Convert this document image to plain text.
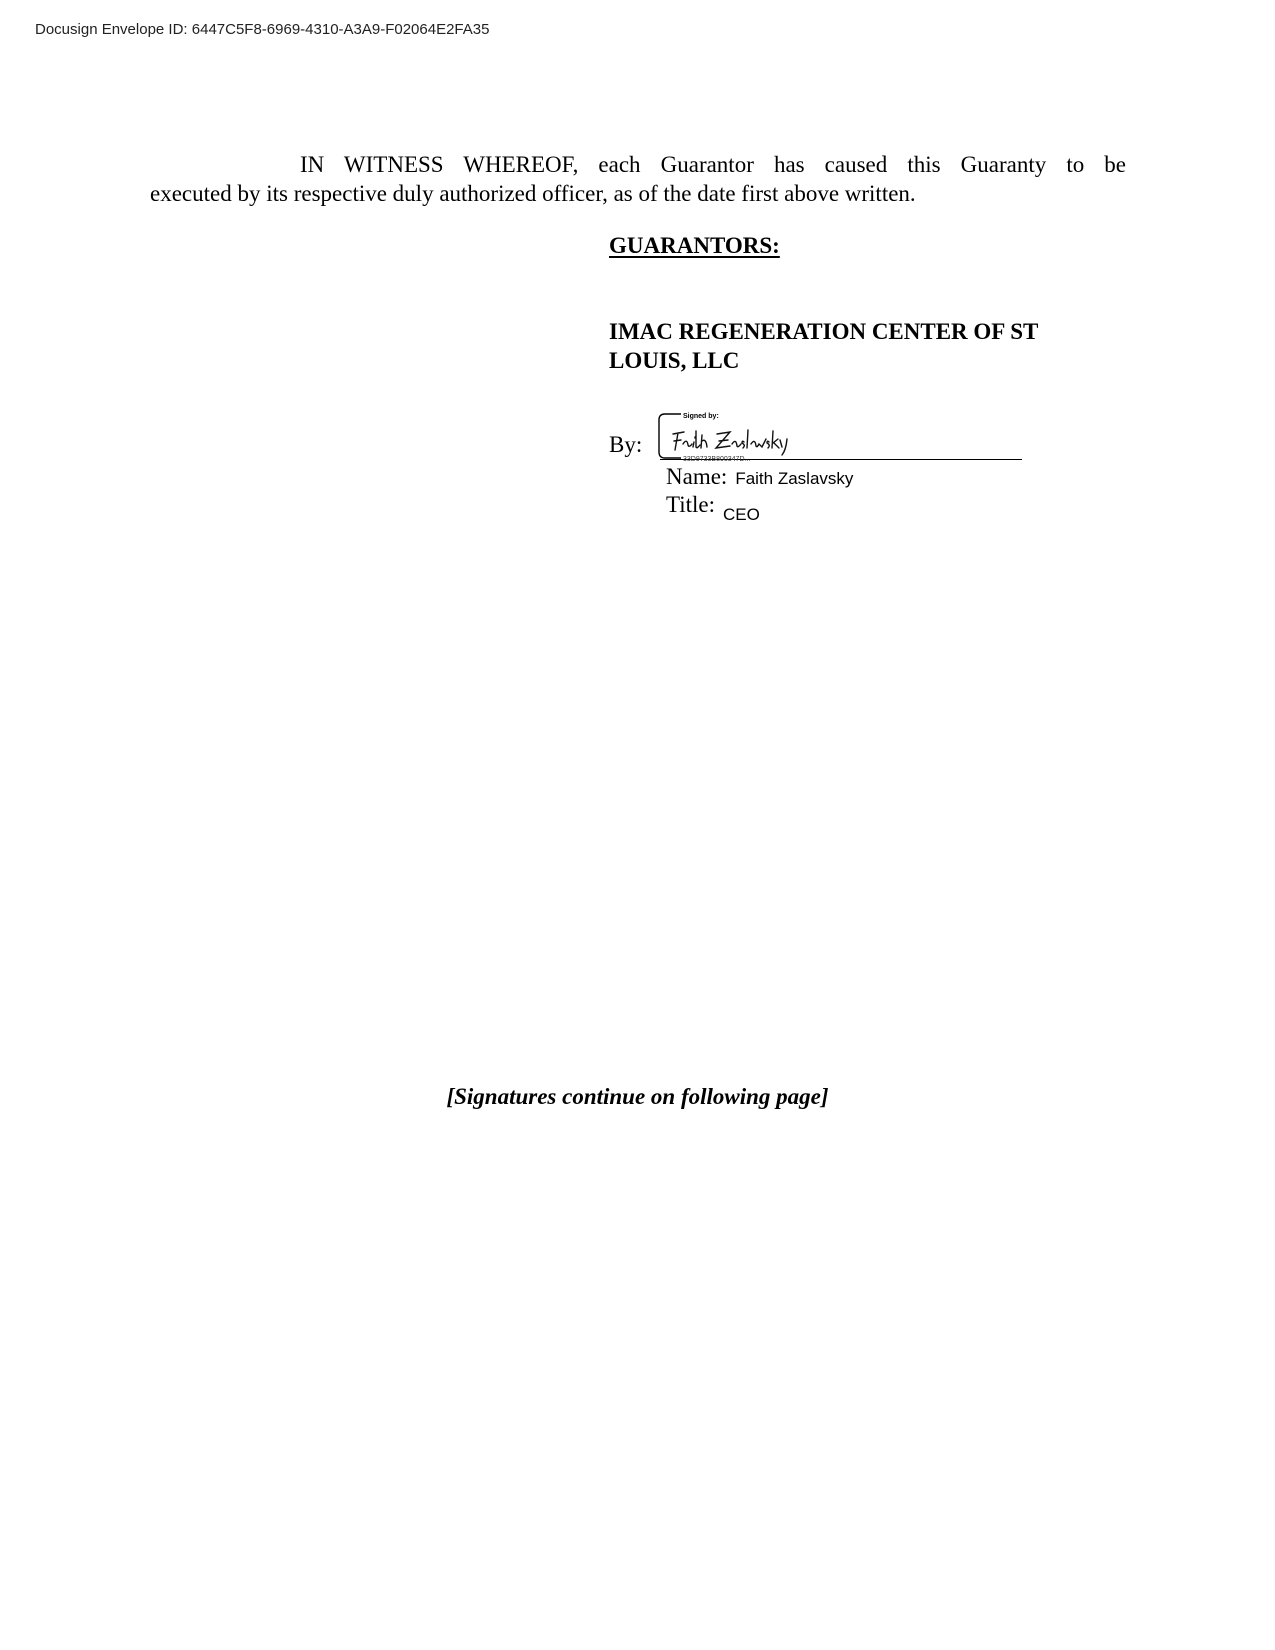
Docusign Envelope ID: 6447C5F8-6969-4310-A3A9-F02064E2FA35
IN WITNESS WHEREOF, each Guarantor has caused this Guaranty to be
executed by its respective duly authorized officer, as of the date first above written.
GUARANTORS:
IMAC REGENERATION CENTER OF ST
LOUIS, LLC
By:
Signed by:
33D9733B800347D...
Name: Faith Zaslavsky
Title: CEO
[Signatures continue on following page]
